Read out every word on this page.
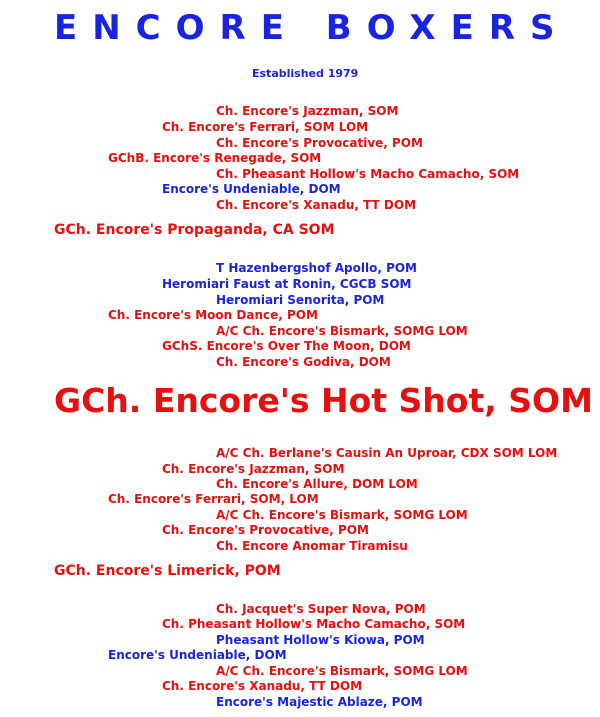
ENCORE BOXERS
Established 1979
Ch. Encore's Jazzman, SOM
Ch. Encore's Ferrari, SOM LOM
Ch. Encore's Provocative, POM
GChB. Encore's Renegade, SOM
Ch. Pheasant Hollow's Macho Camacho, SOM
Encore's Undeniable, DOM
Ch. Encore's Xanadu, TT DOM
GCh. Encore's Propaganda, CA SOM
T Hazenbergshof Apollo, POM
Heromiari Faust at Ronin, CGCB SOM
Heromiari Senorita, POM
Ch. Encore's Moon Dance, POM
A/C Ch. Encore's Bismark, SOMG LOM
GChS. Encore's Over The Moon, DOM
Ch. Encore's Godiva, DOM
GCh. Encore's Hot Shot, SOM
A/C Ch. Berlane's Causin An Uproar, CDX SOM LOM
Ch. Encore's Jazzman, SOM
Ch. Encore's Allure, DOM LOM
Ch. Encore's Ferrari, SOM, LOM
A/C Ch. Encore's Bismark, SOMG LOM
Ch. Encore's Provocative, POM
Ch. Encore Anomar Tiramisu
GCh. Encore's Limerick, POM
Ch. Jacquet's Super Nova, POM
Ch. Pheasant Hollow's Macho Camacho, SOM
Pheasant Hollow's Kiowa, POM
Encore's Undeniable, DOM
A/C Ch. Encore's Bismark, SOMG LOM
Ch. Encore's Xanadu, TT DOM
Encore's Majestic Ablaze, POM
